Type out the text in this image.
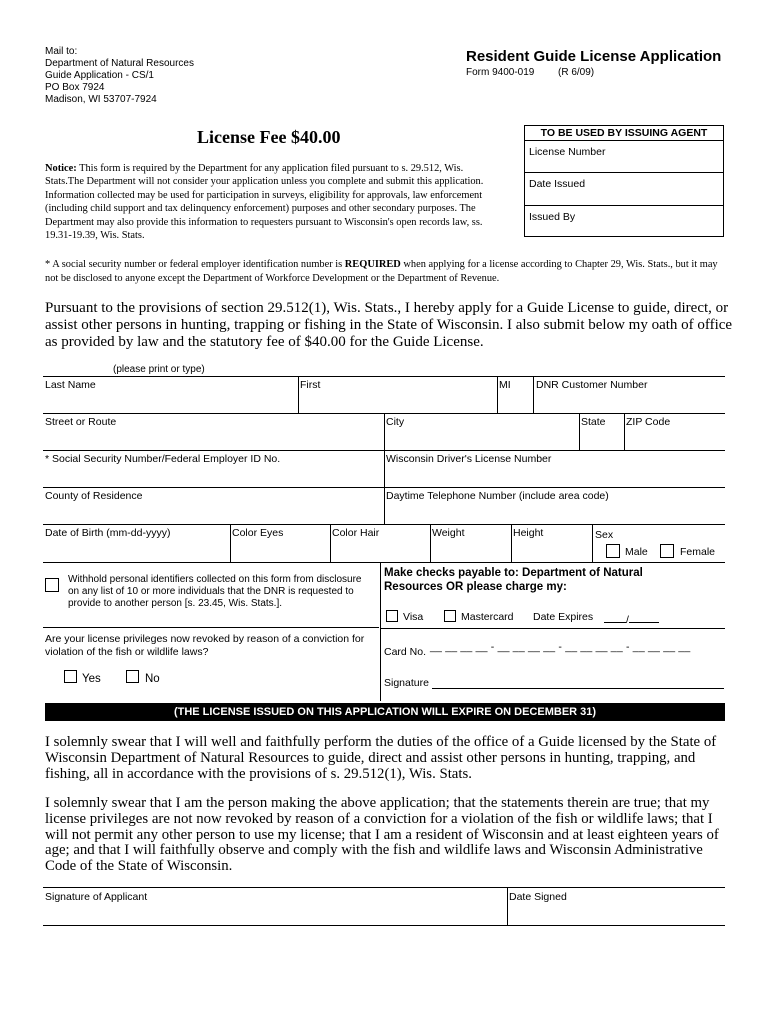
Mail to:
Department of Natural Resources
Guide Application - CS/1
PO Box 7924
Madison, WI 53707-7924
Resident Guide License Application
Form 9400-019 (R 6/09)
License Fee $40.00
Notice: This form is required by the Department for any application filed pursuant to s. 29.512, Wis. Stats.The Department will not consider your application unless you complete and submit this application. Information collected may be used for participation in surveys, eligibility for approvals, law enforcement (including child support and tax delinquency enforcement) purposes and other secondary purposes. The Department may also provide this information to requesters pursuant to Wisconsin's open records law, ss. 19.31-19.39, Wis. Stats.
TO BE USED BY ISSUING AGENT
License Number
Date Issued
Issued By
* A social security number or federal employer identification number is REQUIRED when applying for a license according to Chapter 29, Wis. Stats., but it may not be disclosed to anyone except the Department of Workforce Development or the Department of Revenue.
Pursuant to the provisions of section 29.512(1), Wis. Stats., I hereby apply for a Guide License to guide, direct, or assist other persons in hunting, trapping or fishing in the State of Wisconsin. I also submit below my oath of office as provided by law and the statutory fee of $40.00 for the Guide License.
(please print or type)
Last Name	First	MI	DNR Customer Number
Street or Route	City	State	ZIP Code
* Social Security Number/Federal Employer ID No.	Wisconsin Driver's License Number
County of Residence	Daytime Telephone Number (include area code)
Date of Birth (mm-dd-yyyy)	Color Eyes	Color Hair	Weight	Height	Sex
Male	Female
Withhold personal identifiers collected on this form from disclosure on any list of 10 or more individuals that the DNR is requested to provide to another person [s. 23.45, Wis. Stats.].
Are your license privileges now revoked by reason of a conviction for violation of the fish or wildlife laws?
Yes	No
Make checks payable to: Department of Natural Resources OR please charge my:
Visa	Mastercard Date Expires	/
Card No. __ __ __ __ - __ __ __ __ - __ __ __ __ - __ __ __ __
Signature
(THE LICENSE ISSUED ON THIS APPLICATION WILL EXPIRE ON DECEMBER 31)
I solemnly swear that I will well and faithfully perform the duties of the office of a Guide licensed by the State of Wisconsin Department of Natural Resources to guide, direct and assist other persons in hunting, trapping, and fishing, all in accordance with the provisions of s. 29.512(1), Wis. Stats.
I solemnly swear that I am the person making the above application; that the statements therein are true; that my license privileges are not now revoked by reason of a conviction for a violation of the fish or wildlife laws; that I will not permit any other person to use my license; that I am a resident of Wisconsin and at least eighteen years of age; and that I will faithfully observe and comply with the fish and wildlife laws and Wisconsin Administrative Code of the State of Wisconsin.
Signature of Applicant	Date Signed
